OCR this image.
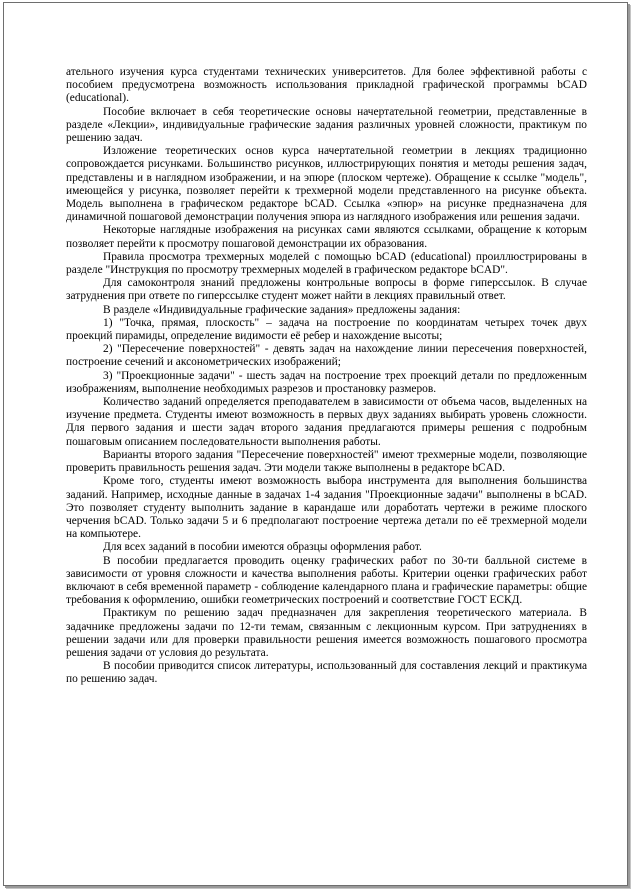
ательного изучения курса студентами технических университетов. Для более эффективной работы с пособием предусмотрена возможность использования прикладной графической программы bCAD (educational).

Пособие включает в себя теоретические основы начертательной геометрии, представленные в разделе «Лекции», индивидуальные графические задания различных уровней сложности, практикум по решению задач.

Изложение теоретических основ курса начертательной геометрии в лекциях традиционно сопровождается рисунками. Большинство рисунков, иллюстрирующих понятия и методы решения задач, представлены и в наглядном изображении, и на эпюре (плоском чертеже). Обращение к ссылке "модель", имеющейся у рисунка, позволяет перейти к трехмерной модели представленного на рисунке объекта. Модель выполнена в графическом редакторе bCAD. Ссылка «эпюр» на рисунке предназначена для динамичной пошаговой демонстрации получения эпюра из наглядного изображения или решения задачи.

Некоторые наглядные изображения на рисунках сами являются ссылками, обращение к которым позволяет перейти к просмотру пошаговой демонстрации их образования.

Правила просмотра трехмерных моделей с помощью bCAD (educational) проиллюстрированы в разделе "Инструкция по просмотру трехмерных моделей в графическом редакторе bCAD".

Для самоконтроля знаний предложены контрольные вопросы в форме гиперссылок. В случае затруднения при ответе по гиперссылке студент может найти в лекциях правильный ответ.

В разделе «Индивидуальные графические задания» предложены задания:

1) "Точка, прямая, плоскость" – задача на построение по координатам четырех точек двух проекций пирамиды, определение видимости её ребер и нахождение высоты;

2) "Пересечение поверхностей" - девять задач на нахождение линии пересечения поверхностей, построение сечений и аксонометрических изображений;

3) "Проекционные задачи" - шесть задач на построение трех проекций детали по предложенным изображениям, выполнение необходимых разрезов и простановку размеров.

Количество заданий определяется преподавателем в зависимости от объема часов, выделенных на изучение предмета. Студенты имеют возможность в первых двух заданиях выбирать уровень сложности. Для первого задания и шести задач второго задания предлагаются примеры решения с подробным пошаговым описанием последовательности выполнения работы.

Варианты второго задания "Пересечение поверхностей" имеют трехмерные модели, позволяющие проверить правильность решения задач. Эти модели также выполнены в редакторе bCAD.

Кроме того, студенты имеют возможность выбора инструмента для выполнения большинства заданий. Например, исходные данные в задачах 1-4 задания "Проекционные задачи" выполнены в bCAD. Это позволяет студенту выполнить задание в карандаше или доработать чертежи в режиме плоского черчения bCAD. Только задачи 5 и 6 предполагают построение чертежа детали по её трехмерной модели на компьютере.

Для всех заданий в пособии имеются образцы оформления работ.

В пособии предлагается проводить оценку графических работ по 30-ти балльной системе в зависимости от уровня сложности и качества выполнения работы. Критерии оценки графических работ включают в себя временной параметр - соблюдение календарного плана и графические параметры: общие требования к оформлению, ошибки геометрических построений и соответствие ГОСТ ЕСКД.

Практикум по решению задач предназначен для закрепления теоретического материала. В задачнике предложены задачи по 12-ти темам, связанным с лекционным курсом. При затруднениях в решении задачи или для проверки правильности решения имеется возможность пошагового просмотра решения задачи от условия до результата.

В пособии приводится список литературы, использованный для составления лекций и практикума по решению задач.
